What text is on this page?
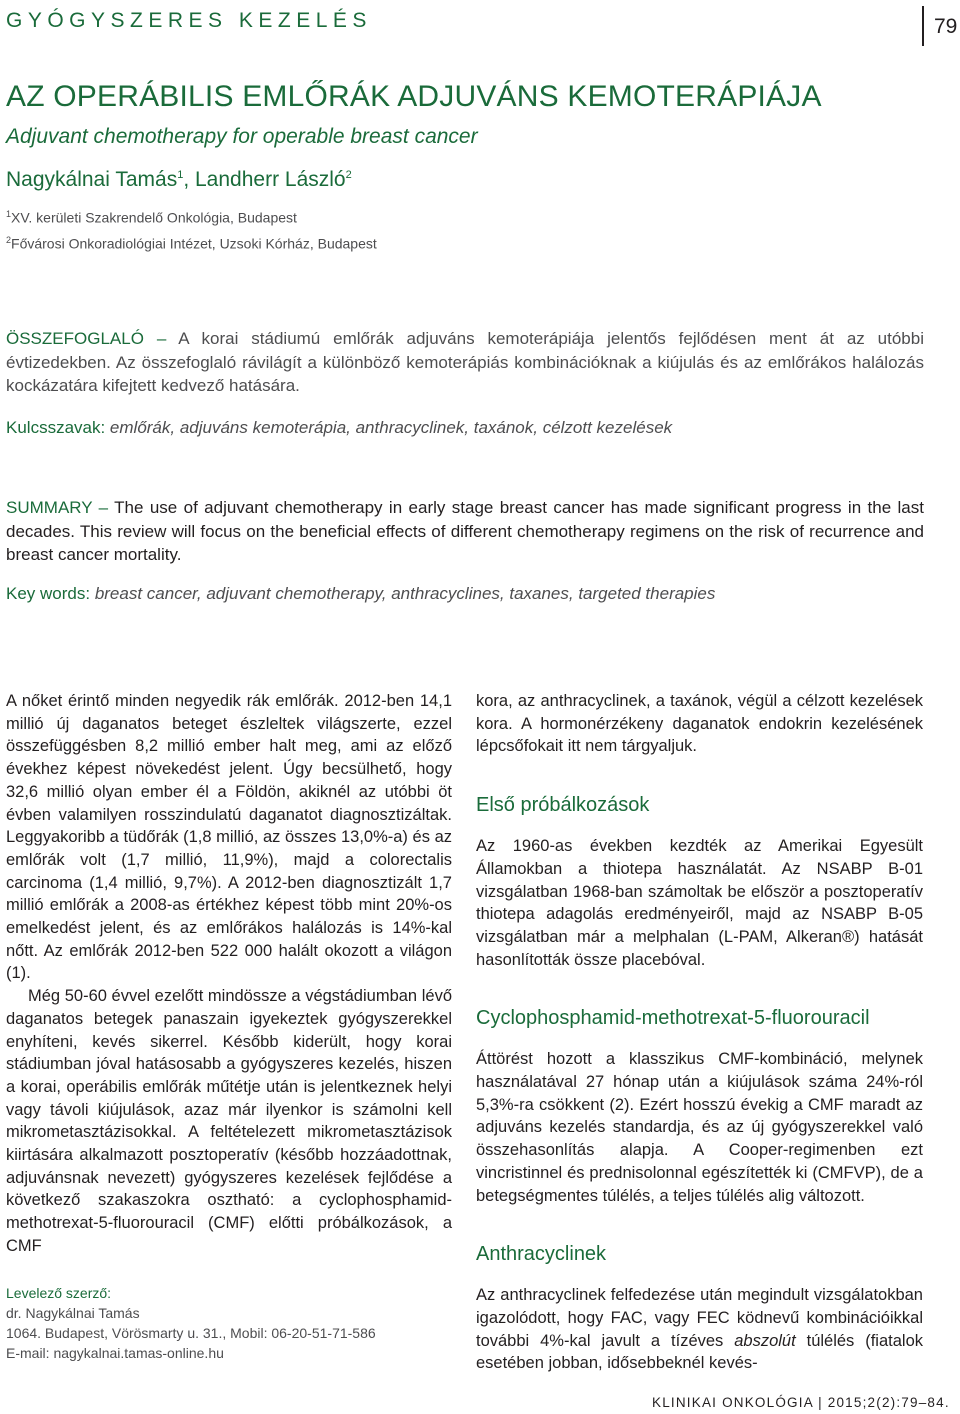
GYÓGYSZERES KEZELÉS	79
AZ OPERÁBILIS EMLŐRÁK ADJUVÁNS KEMOTERÁPIÁJA
Adjuvant chemotherapy for operable breast cancer
Nagykálnai Tamás$^1$, Landherr László$^2$
$^1$XV. kerületi Szakrendelő Onkológia, Budapest
$^2$Fővárosi Onkoradiológiai Intézet, Uzsoki Kórház, Budapest
ÖSSZEFOGLALÓ – A korai stádiumú emlőrák adjuváns kemoterápiája jelentős fejlődésen ment át az utóbbi évtizedekben. Az összefoglaló rávilágít a különböző kemoterápiás kombinációknak a kiújulás és az emlőrákos halálozás kockázatára kifejtett kedvező hatására.
Kulcsszavak: emlőrák, adjuváns kemoterápia, anthracyclinek, taxánok, célzott kezelések
SUMMARY – The use of adjuvant chemotherapy in early stage breast cancer has made significant progress in the last decades. This review will focus on the beneficial effects of different chemotherapy regimens on the risk of recurrence and breast cancer mortality.
Key words: breast cancer, adjuvant chemotherapy, anthracyclines, taxanes, targeted therapies

A nőket érintő minden negyedik rák emlőrák. 2012-ben 14,1 millió új daganatos beteget észleltek világszerte, ezzel összefüggésben 8,2 millió ember halt meg, ami az előző évekhez képest növekedést jelent. Úgy becsülhető, hogy 32,6 millió olyan ember él a Földön, akiknél az utóbbi öt évben valamilyen rosszindulatú daganatot diagnosztizáltak. Leggyakoribb a tüdőrák (1,8 millió, az összes 13,0%-a) és az emlőrák volt (1,7 millió, 11,9%), majd a colorectalis carcinoma (1,4 millió, 9,7%). A 2012-ben diagnosztizált 1,7 millió emlőrák a 2008-as értékhez képest több mint 20%-os emelkedést jelent, és az emlőrákos halálozás is 14%-kal nőtt. Az emlőrák 2012-ben 522 000 halált okozott a világon (1).

Még 50-60 évvel ezelőtt mindössze a végstádiumban lévő daganatos betegek panaszain igyekeztek gyógyszerekkel enyhíteni, kevés sikerrel. Később kiderült, hogy korai stádiumban jóval hatásosabb a gyógyszeres kezelés, hiszen a korai, operábilis emlőrák műtétje után is jelentkeznek helyi vagy távoli kiújulások, azaz már ilyenkor is számolni kell mikrometasztázisokkal. A feltételezett mikrometasztázisok kiirtására alkalmazott posztoperatív (később hozzáadottnak, adjuvánsnak nevezett) gyógyszeres kezelések fejlődése a következő szakaszokra osztható: a cyclophosphamid-methotrexat-5-fluorouracil (CMF) előtti próbálkozások, a CMF

kora, az anthracyclinek, a taxánok, végül a célzott kezelések kora. A hormonérzékeny daganatok endokrin kezelésének lépcsőfokait itt nem tárgyaljuk.

Első próbálkozások

Az 1960-as években kezdték az Amerikai Egyesült Államokban a thiotepa használatát. Az NSABP B-01 vizsgálatban 1968-ban számoltak be először a posztoperatív thiotepa adagolás eredményeiről, majd az NSABP B-05 vizsgálatban már a melphalan (L-PAM, Alkeran®) hatását hasonlították össze placebóval.

Cyclophosphamid-methotrexat-5-fluorouracil

Áttörést hozott a klasszikus CMF-kombináció, melynek használatával 27 hónap után a kiújulások száma 24%-ról 5,3%-ra csökkent (2). Ezért hosszú évekig a CMF maradt az adjuváns kezelés standardja, és az új gyógyszerekkel való összehasonlítás alapja. A Cooper-regimenben ezt vincristinnel és prednisolonnal egészítették ki (CMFVP), de a betegségmentes túlélés, a teljes túlélés alig változott.

Anthracyclinek

Az anthracyclinek felfedezése után megindult vizsgálatokban igazolódott, hogy FAC, vagy FEC ködnevű kombinációikkal további 4%-kal javult a tízéves abszolút túlélés (fiatalok esetében jobban, idősebbeknél kevés-

Levelező szerző:
dr. Nagykálnai Tamás
1064. Budapest, Vörösmarty u. 31., Mobil: 06-20-51-71-586
E-mail: nagykalnai.tamas-online.hu
KLINIKAI ONKOLÓGIA | 2015;2(2):79–84.
